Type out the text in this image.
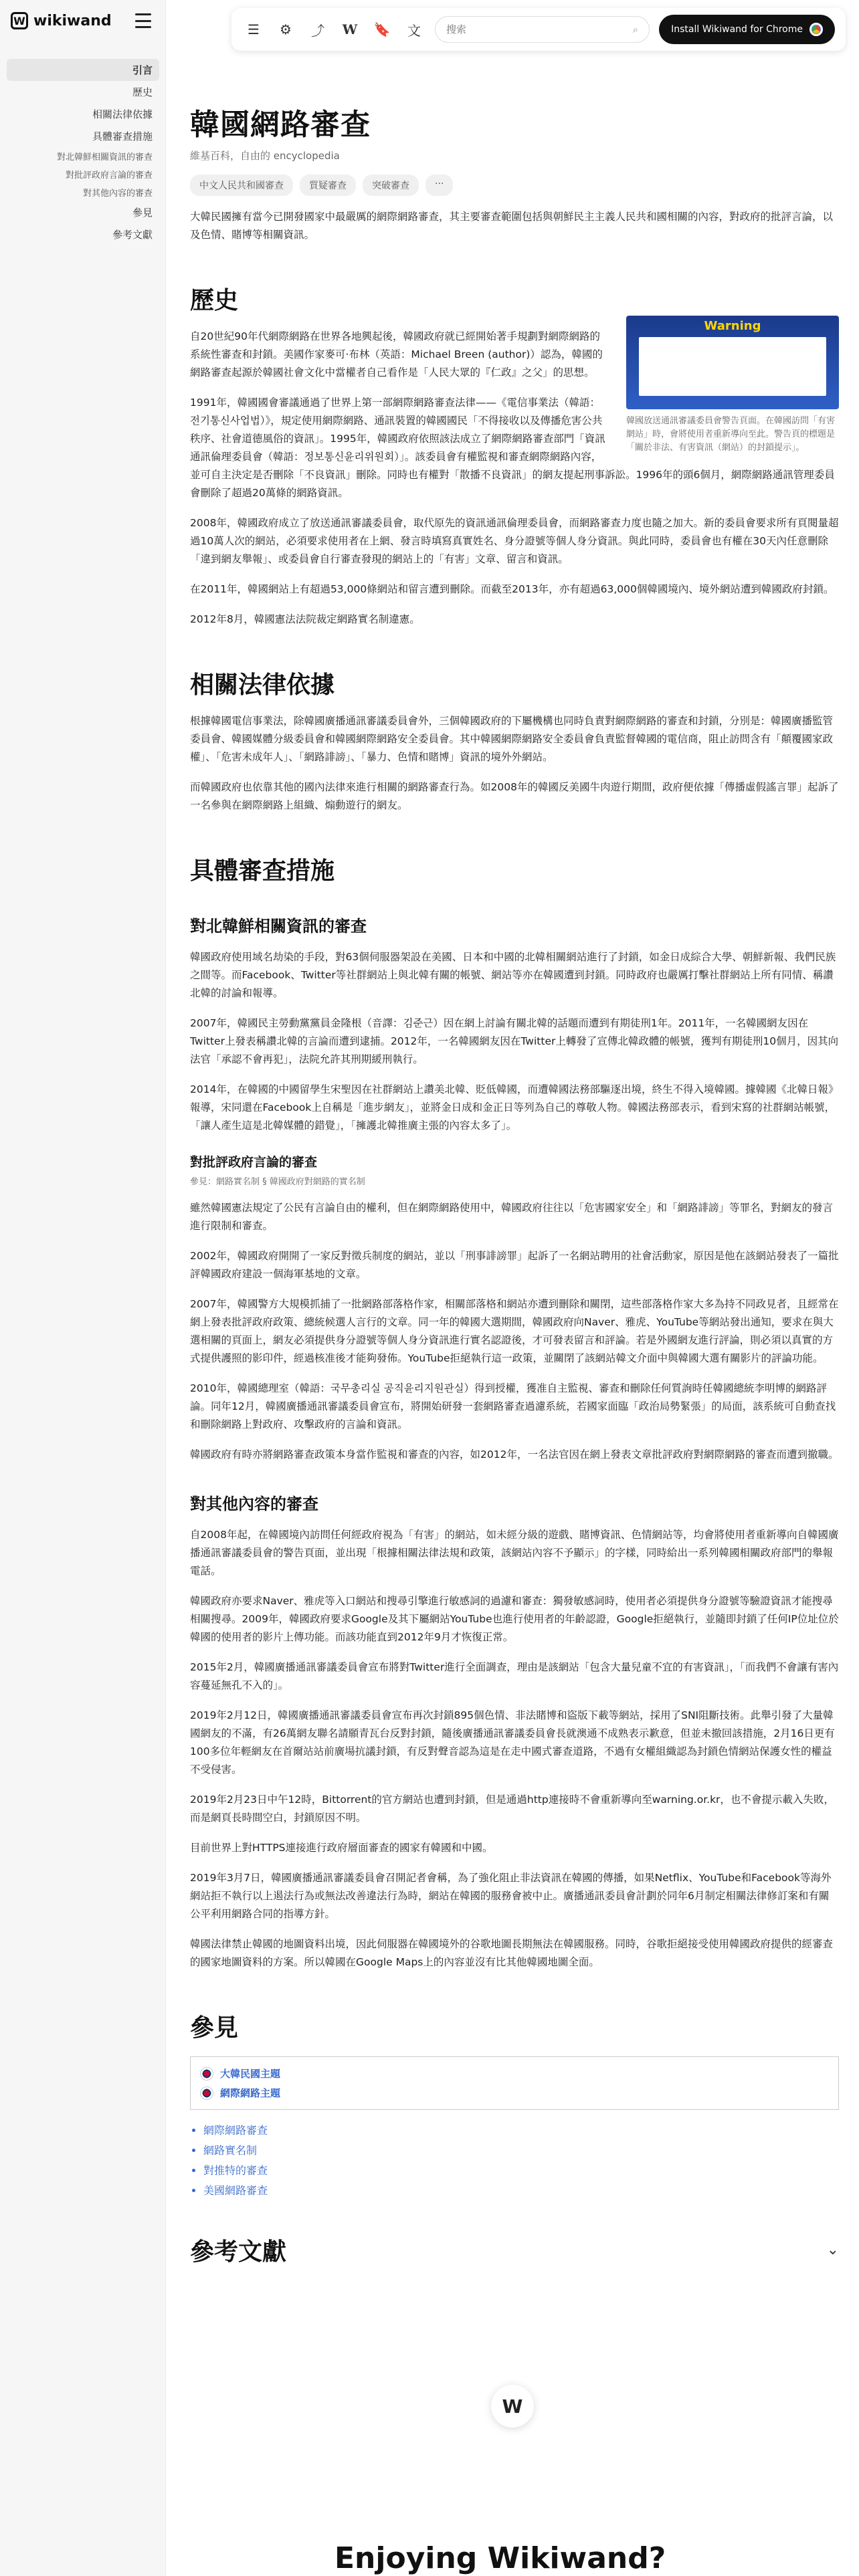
W wikiwand
引言
歷史
相關法律依據
具體審查措施
對北韓鮮相關資訊的審查
對批評政府言論的審查
對其他內容的審查
參見
參考文獻
☰	⚙	⤴	W 🔖	文
搜索	⌕	Install Wikiwand for Chrome
韓國網路審查
維基百科，自由的 encyclopedia
中文人民共和國審查	質疑審查	突破審查	···

大韓民國擁有當今已開發國家中最嚴厲的網際網路審查，其主要審查範圍包括與朝鮮民主主義人民共和國相關的內容，對政府的批評言論，以及色情、賭博等相關資訊。

歷史
Warning
韓國放送通訊審議委員會警告頁面。在韓國訪問「有害網站」時，會將使用者重新導向至此。警告頁的標題是「關於非法、有害資訊（網站）的封鎖提示」。

自20世紀90年代網際網路在世界各地興起後，韓國政府就已經開始著手規劃對網際網路的系統性審查和封鎖。美國作家麥可·布林（英語：Michael Breen (author)）認為，韓國的網路審查起源於韓國社會文化中當權者自己看作是「人民大眾的『仁政』之父」的思想。

1991年，韓國國會審議通過了世界上第一部網際網路審查法律——《電信事業法（韓語：전기통신사업법）》，規定使用網際網路、通訊裝置的韓國國民「不得接收以及傳播危害公共秩序、社會道德風俗的資訊」。1995年，韓國政府依照該法成立了網際網路審查部門「資訊通訊倫理委員會（韓語：정보통신윤리위원회）」。該委員會有權監視和審查網際網路內容，並可自主決定是否刪除「不良資訊」刪除。同時也有權對「散播不良資訊」的網友提起刑事訴訟。1996年的頭6個月，網際網路通訊管理委員會刪除了超過20萬條的網路資訊。

2008年，韓國政府成立了放送通訊審議委員會，取代原先的資訊通訊倫理委員會，而網路審查力度也隨之加大。新的委員會要求所有頁閱量超過10萬人次的網站，必須要求使用者在上網、發言時填寫真實姓名、身分證號等個人身分資訊。與此同時，委員會也有權在30天內任意刪除「違到網友舉報」、或委員會自行審查發現的網站上的「有害」文章、留言和資訊。

在2011年，韓國網站上有超過53,000條網站和留言遭到刪除。而截至2013年，亦有超過63,000個韓國境內、境外網站遭到韓國政府封鎖。

2012年8月，韓國憲法法院裁定網路實名制違憲。

相關法律依據

根據韓國電信事業法，除韓國廣播通訊審議委員會外，三個韓國政府的下屬機構也同時負責對網際網路的審查和封鎖，分別是：韓國廣播監管委員會、韓國媒體分級委員會和韓國網際網路安全委員會。其中韓國網際網路安全委員會負責監督韓國的電信商，阻止訪問含有「顛覆國家政權」、「危害未成年人」、「網路誹謗」、「暴力、色情和賭博」資訊的境外外網站。

而韓國政府也依靠其他的國內法律來進行相關的網路審查行為。如2008年的韓國反美國牛肉遊行期間，政府便依據「傳播虛假謠言罪」起訴了一名參與在網際網路上組織、煽動遊行的網友。

具體審查措施
對北韓鮮相關資訊的審查

韓國政府使用域名劫染的手段，對63個伺服器架設在美國、日本和中國的北韓相關網站進行了封鎖，如金日成綜合大學、朝鮮新報、我們民族之間等。而Facebook、Twitter等社群網站上與北韓有關的帳號、網站等亦在韓國遭到封鎖。同時政府也嚴厲打擊社群網站上所有同情、稱讚北韓的討論和報導。

2007年，韓國民主勞動黨黨員金隆根（音譯：김준근）因在網上討論有關北韓的話題而遭到有期徒刑1年。2011年，一名韓國網友因在Twitter上發表稱讚北韓的言論而遭到逮捕。2012年，一名韓國網友因在Twitter上轉發了宣傳北韓政體的帳號，獲判有期徒刑10個月，因其向法官「承認不會再犯」，法院允許其刑期緩刑執行。

2014年，在韓國的中國留學生宋聖因在社群網站上讚美北韓、貶低韓國，而遭韓國法務部驅逐出境，終生不得入境韓國。據韓國《北韓日報》報導，宋同還在Facebook上自稱是「進步網友」，並將金日成和金正日等列為自己的尊敬人物。韓國法務部表示，看到宋寫的社群網站帳號，「讓人產生這是北韓媒體的錯覺」，「擁護北韓推廣主張的內容太多了」。

對批評政府言論的審查
參見：網路實名制 § 韓國政府對網路的實名制

雖然韓國憲法規定了公民有言論自由的權利，但在網際網路使用中，韓國政府往往以「危害國家安全」和「網路誹謗」等罪名，對網友的發言進行限制和審查。

2002年，韓國政府開開了一家反對徵兵制度的網站，並以「刑事誹謗罪」起訴了一名網站聘用的社會活動家，原因是他在該網站發表了一篇批評韓國政府建設一個海軍基地的文章。

2007年，韓國警方大規模抓捕了一批網路部落格作家，相關部落格和網站亦遭到刪除和關閉，這些部落格作家大多為持不同政見者，且經常在網上發表批評政府政策、總統候選人言行的文章。同一年的韓國大選期間，韓國政府向Naver、雅虎、YouTube等網站發出通知，要求在與大選相關的頁面上，網友必須提供身分證號等個人身分資訊進行實名認證後，才可發表留言和評論。若是外國網友進行評論，則必須以真實的方式提供護照的影印件，經過核准後才能夠發佈。YouTube拒絕執行這一政策，並關閉了該網站韓文介面中與韓國大選有關影片的評論功能。

2010年，韓國總理室（韓語：국무총리실 공직윤리지원관실）得到授權，獲准自主監視、審查和刪除任何質詢時任韓國總統李明博的網路評論。同年12月，韓國廣播通訊審議委員會宣布，將開始研發一套網路審查過濾系統，若國家面臨「政治局勢緊張」的局面，該系統可自動查找和刪除網路上對政府、攻擊政府的言論和資訊。

韓國政府有時亦將網路審查政策本身當作監視和審查的內容，如2012年，一名法官因在網上發表文章批評政府對網際網路的審查而遭到撤職。

對其他內容的審查

自2008年起，在韓國境內訪問任何經政府視為「有害」的網站，如未經分級的遊戲、賭博資訊、色情網站等，均會將使用者重新導向自韓國廣播通訊審議委員會的警告頁面，並出現「根據相關法律法規和政策，該網站內容不予顯示」的字樣，同時給出一系列韓國相關政府部門的舉報電話。

韓國政府亦要求Naver、雅虎等入口網站和搜尋引擎進行敏感詞的過濾和審查：獨發敏感詞時，使用者必須提供身分證號等驗證資訊才能搜尋相關搜尋。2009年，韓國政府要求Google及其下屬網站YouTube也進行使用者的年齡認證，Google拒絕執行，並隨即封鎖了任何IP位址位於韓國的使用者的影片上傳功能。而該功能直到2012年9月才恢復正常。

2015年2月，韓國廣播通訊審議委員會宣布將對Twitter進行全面調查，理由是該網站「包含大量兒童不宜的有害資訊」，「而我們不會讓有害內容蔓延無孔不入的」。

2019年2月12日，韓國廣播通訊審議委員會宣布再次封鎖895個色情、非法賭博和盜版下載等網站，採用了SNI阻斷技術。此舉引發了大量韓國網友的不滿，有26萬網友聯名請願青瓦台反對封鎖，隨後廣播通訊審議委員會長就澳通不成熟表示歉意，但並未撤回該措施，2月16日更有100多位年輕網友在首爾站站前廣場抗議封鎖，有反對聲音認為這是在走中國式審查道路，不過有女權組織認為封鎖色情網站保護女性的權益不受侵害。

2019年2月23日中午12時，Bittorrent的官方網站也遭到封鎖，但是通過http連接時不會重新導向至warning.or.kr，也不會提示載入失敗，而是網頁長時間空白，封鎖原因不明。

目前世界上對HTTPS連接進行政府層面審查的國家有韓國和中國。

2019年3月7日，韓國廣播通訊審議委員會召開記者會稱，為了強化阻止非法資訊在韓國的傳播，如果Netflix、YouTube和Facebook等海外網站拒不執行以上遏法行為或無法改善違法行為時，網站在韓國的服務會被中止。廣播通訊委員會計劃於同年6月制定相關法律修訂案和有關公平利用網路合同的指導方針。

韓國法律禁止韓國的地圖資料出境，因此伺服器在韓國境外的谷歌地圖長期無法在韓國服務。同時，谷歌拒絕接受使用韓國政府提供的經審查的國家地圖資料的方案。所以韓國在Google Maps上的內容並沒有比其他韓國地圖全面。

參見
大韓民國主題
網際網路主題
• 網際網路審查
• 網路實名制
• 對推特的審查
• 美國網路審查
參考文獻	⌄
W
Enjoying Wikiwand?
